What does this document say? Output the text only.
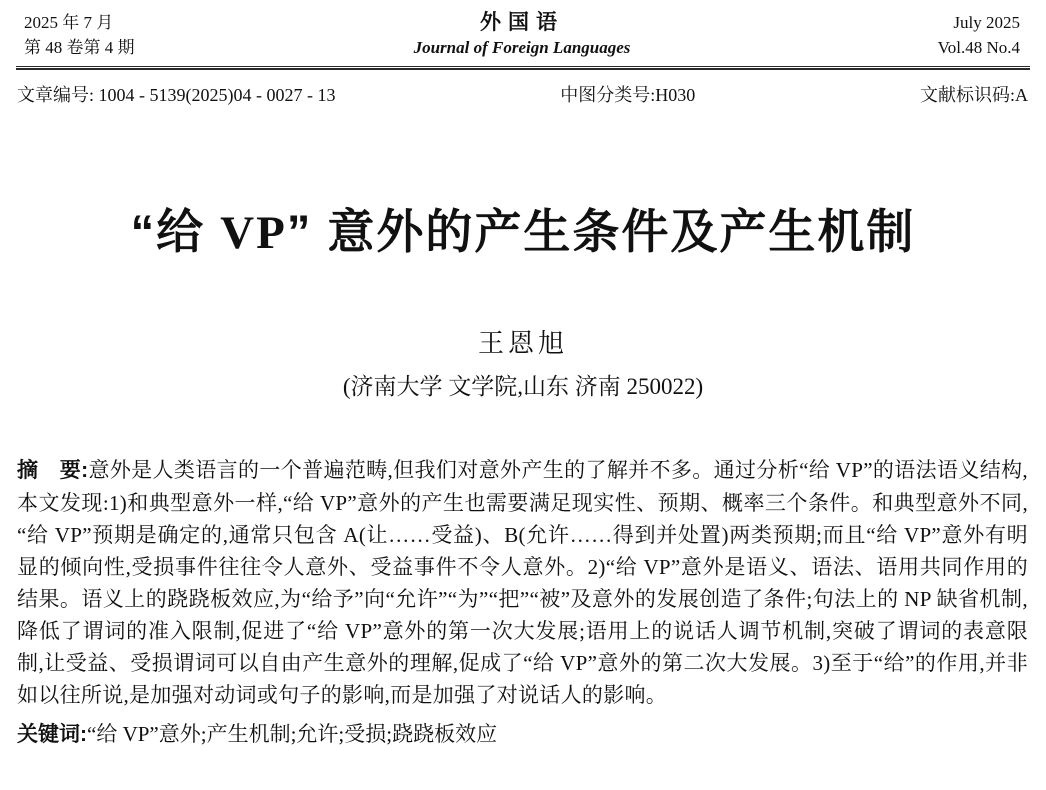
2025 年 7 月
第 48 卷第 4 期
外国语
Journal of Foreign Languages
July 2025
Vol.48 No.4
文章编号: 1004 - 5139(2025)04 - 0027 - 13	中图分类号:H030	文献标识码:A
“给 VP” 意外的产生条件及产生机制
王恩旭
(济南大学 文学院,山东 济南 250022)

摘　要:意外是人类语言的一个普遍范畴,但我们对意外产生的了解并不多。通过分析“给 VP”的语法语义结构,本文发现:1)和典型意外一样,“给 VP”意外的产生也需要满足现实性、预期、概率三个条件。和典型意外不同,“给 VP”预期是确定的,通常只包含 A(让……受益)、B(允许……得到并处置)两类预期;而且“给 VP”意外有明显的倾向性,受损事件往往令人意外、受益事件不令人意外。2)“给 VP”意外是语义、语法、语用共同作用的结果。语义上的跷跷板效应,为“给予”向“允许”“为”“把”“被”及意外的发展创造了条件;句法上的 NP 缺省机制,降低了谓词的准入限制,促进了“给 VP”意外的第一次大发展;语用上的说话人调节机制,突破了谓词的表意限制,让受益、受损谓词可以自由产生意外的理解,促成了“给 VP”意外的第二次大发展。3)至于“给”的作用,并非如以往所说,是加强对动词或句子的影响,而是加强了对说话人的影响。

关键词:“给 VP”意外;产生机制;允许;受损;跷跷板效应
